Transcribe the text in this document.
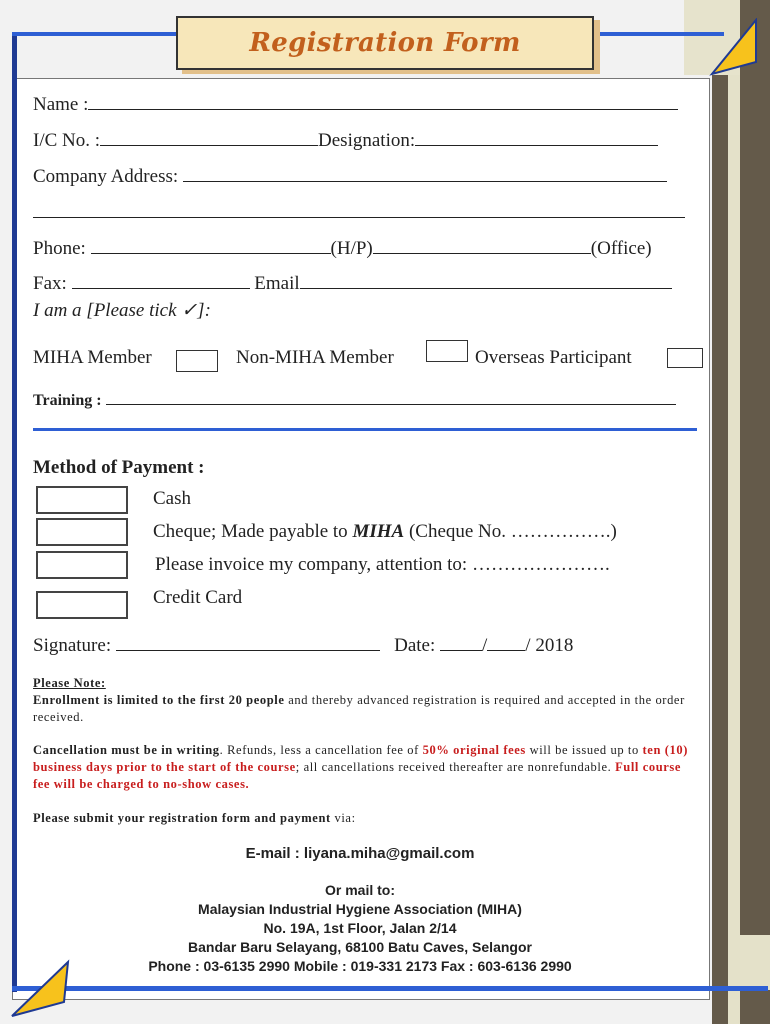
Registration Form
Name :
I/C No. :	Designation:
Company Address:
Phone:	(H/P)	(Office)
Fax:	Email
I am a [Please tick ✓]:
MIHA Member	Non-MIHA Member	Overseas Participant
Training :
Method of Payment :
Cash
Cheque; Made payable to MIHA (Cheque No. …………….)
Please invoice my company, attention to: ………………….
Credit Card
Signature:	Date: / / 2018
Please Note:
Enrollment is limited to the first 20 people and thereby advanced registration is required and accepted in the order received.
Cancellation must be in writing. Refunds, less a cancellation fee of 50% original fees will be issued up to ten (10) business days prior to the start of the course; all cancellations received thereafter are nonrefundable. Full course fee will be charged to no-show cases.
Please submit your registration form and payment via:
E-mail : liyana.miha@gmail.com
Or mail to:
Malaysian Industrial Hygiene Association (MIHA)
No. 19A, 1st Floor, Jalan 2/14
Bandar Baru Selayang, 68100 Batu Caves, Selangor
Phone : 03-6135 2990 Mobile : 019-331 2173 Fax : 603-6136 2990
